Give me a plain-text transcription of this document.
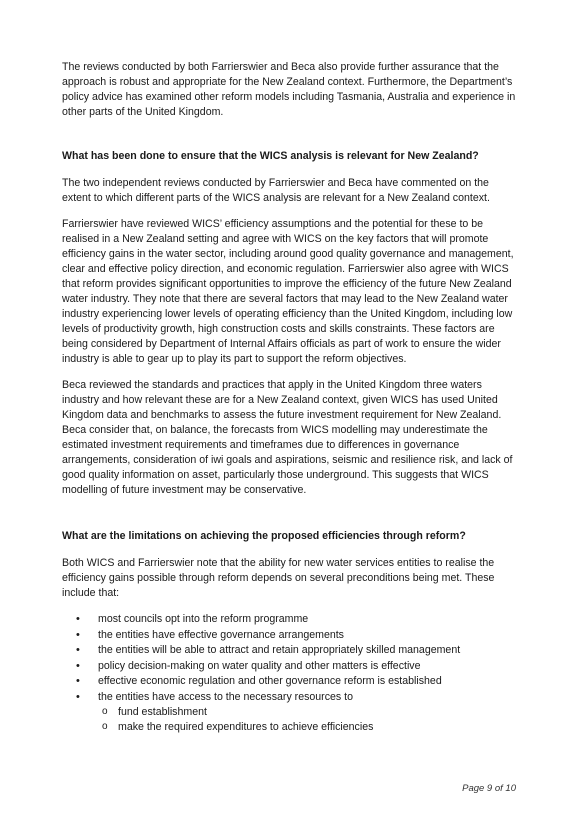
The reviews conducted by both Farrierswier and Beca also provide further assurance that the approach is robust and appropriate for the New Zealand context. Furthermore, the Department’s policy advice has examined other reform models including Tasmania, Australia and experience in other parts of the United Kingdom.

What has been done to ensure that the WICS analysis is relevant for New Zealand?

The two independent reviews conducted by Farrierswier and Beca have commented on the extent to which different parts of the WICS analysis are relevant for a New Zealand context.

Farrierswier have reviewed WICS’ efficiency assumptions and the potential for these to be realised in a New Zealand setting and agree with WICS on the key factors that will promote efficiency gains in the water sector, including around good quality governance and management, clear and effective policy direction, and economic regulation. Farrierswier also agree with WICS that reform provides significant opportunities to improve the efficiency of the future New Zealand water industry. They note that there are several factors that may lead to the New Zealand water industry experiencing lower levels of operating efficiency than the United Kingdom, including low levels of productivity growth, high construction costs and skills constraints. These factors are being considered by Department of Internal Affairs officials as part of work to ensure the wider industry is able to gear up to play its part to support the reform objectives.

Beca reviewed the standards and practices that apply in the United Kingdom three waters industry and how relevant these are for a New Zealand context, given WICS has used United Kingdom data and benchmarks to assess the future investment requirement for New Zealand. Beca consider that, on balance, the forecasts from WICS modelling may underestimate the estimated investment requirements and timeframes due to differences in governance arrangements, consideration of iwi goals and aspirations, seismic and resilience risk, and lack of good quality information on asset, particularly those underground. This suggests that WICS modelling of future investment may be conservative.

What are the limitations on achieving the proposed efficiencies through reform?

Both WICS and Farrierswier note that the ability for new water services entities to realise the efficiency gains possible through reform depends on several preconditions being met. These include that:

• most councils opt into the reform programme
• the entities have effective governance arrangements
• the entities will be able to attract and retain appropriately skilled management
• policy decision-making on water quality and other matters is effective
• effective economic regulation and other governance reform is established
• the entities have access to the necessary resources to
o fund establishment
o make the required expenditures to achieve efficiencies
Page 9 of 10
